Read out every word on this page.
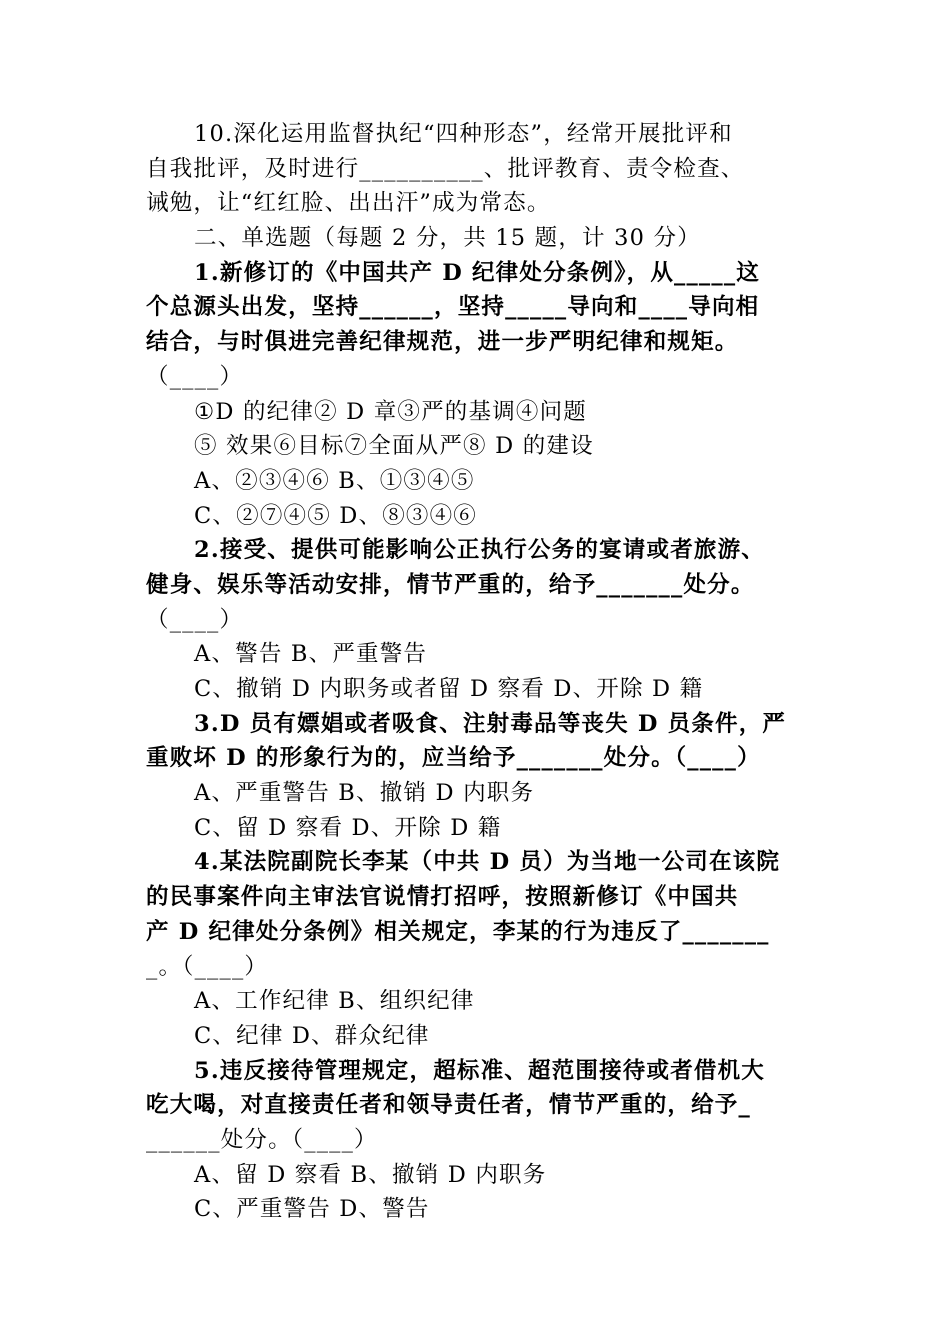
10.深化运用监督执纪“四种形态”，经常开展批评和
自我批评，及时进行__________、批评教育、责令检查、
诫勉，让“红红脸、出出汗”成为常态。
二、单选题（每题 2 分，共 15 题，计 30 分）
1.新修订的《中国共产 D 纪律处分条例》，从_____这
个总源头出发，坚持______，坚持_____导向和____导向相
结合，与时俱进完善纪律规范，进一步严明纪律和规矩。
（____）
①D 的纪律② D 章③严的基调④问题
⑤ 效果⑥目标⑦全面从严⑧ D 的建设
A、②③④⑥ B、①③④⑤
C、②⑦④⑤ D、⑧③④⑥
2.接受、提供可能影响公正执行公务的宴请或者旅游、
健身、娱乐等活动安排，情节严重的，给予_______处分。
（____）
A、警告 B、严重警告
C、撤销 D 内职务或者留 D 察看 D、开除 D 籍
3.D 员有嫖娼或者吸食、注射毒品等丧失 D 员条件，严
重败坏 D 的形象行为的，应当给予_______处分。（____）
A、严重警告 B、撤销 D 内职务
C、留 D 察看 D、开除 D 籍
4.某法院副院长李某（中共 D 员）为当地一公司在该院
的民事案件向主审法官说情打招呼，按照新修订《中国共
产 D 纪律处分条例》相关规定，李某的行为违反了_______
_。（____）
A、工作纪律 B、组织纪律
C、纪律 D、群众纪律
5.违反接待管理规定，超标准、超范围接待或者借机大
吃大喝，对直接责任者和领导责任者，情节严重的，给予_
______处分。（____）
A、留 D 察看 B、撤销 D 内职务
C、严重警告 D、警告
